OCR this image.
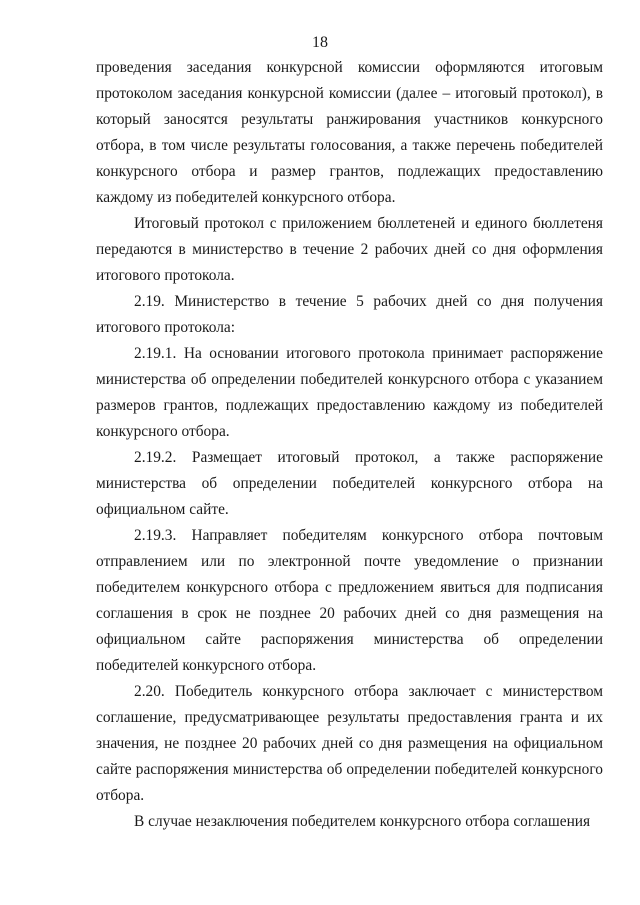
18

проведения заседания конкурсной комиссии оформляются итоговым протоколом заседания конкурсной комиссии (далее – итоговый протокол), в который заносятся результаты ранжирования участников конкурсного отбора, в том числе результаты голосования, а также перечень победителей конкурсного отбора и размер грантов, подлежащих предоставлению каждому из победителей конкурсного отбора.

Итоговый протокол с приложением бюллетеней и единого бюллетеня передаются в министерство в течение 2 рабочих дней со дня оформления итогового протокола.

2.19. Министерство в течение 5 рабочих дней со дня получения итогового протокола:

2.19.1. На основании итогового протокола принимает распоряжение министерства об определении победителей конкурсного отбора с указанием размеров грантов, подлежащих предоставлению каждому из победителей конкурсного отбора.

2.19.2. Размещает итоговый протокол, а также распоряжение министерства об определении победителей конкурсного отбора на официальном сайте.

2.19.3. Направляет победителям конкурсного отбора почтовым отправлением или по электронной почте уведомление о признании победителем конкурсного отбора с предложением явиться для подписания соглашения в срок не позднее 20 рабочих дней со дня размещения на официальном сайте распоряжения министерства об определении победителей конкурсного отбора.

2.20. Победитель конкурсного отбора заключает с министерством соглашение, предусматривающее результаты предоставления гранта и их значения, не позднее 20 рабочих дней со дня размещения на официальном сайте распоряжения министерства об определении победителей конкурсного отбора.

В случае незаключения победителем конкурсного отбора соглашения
